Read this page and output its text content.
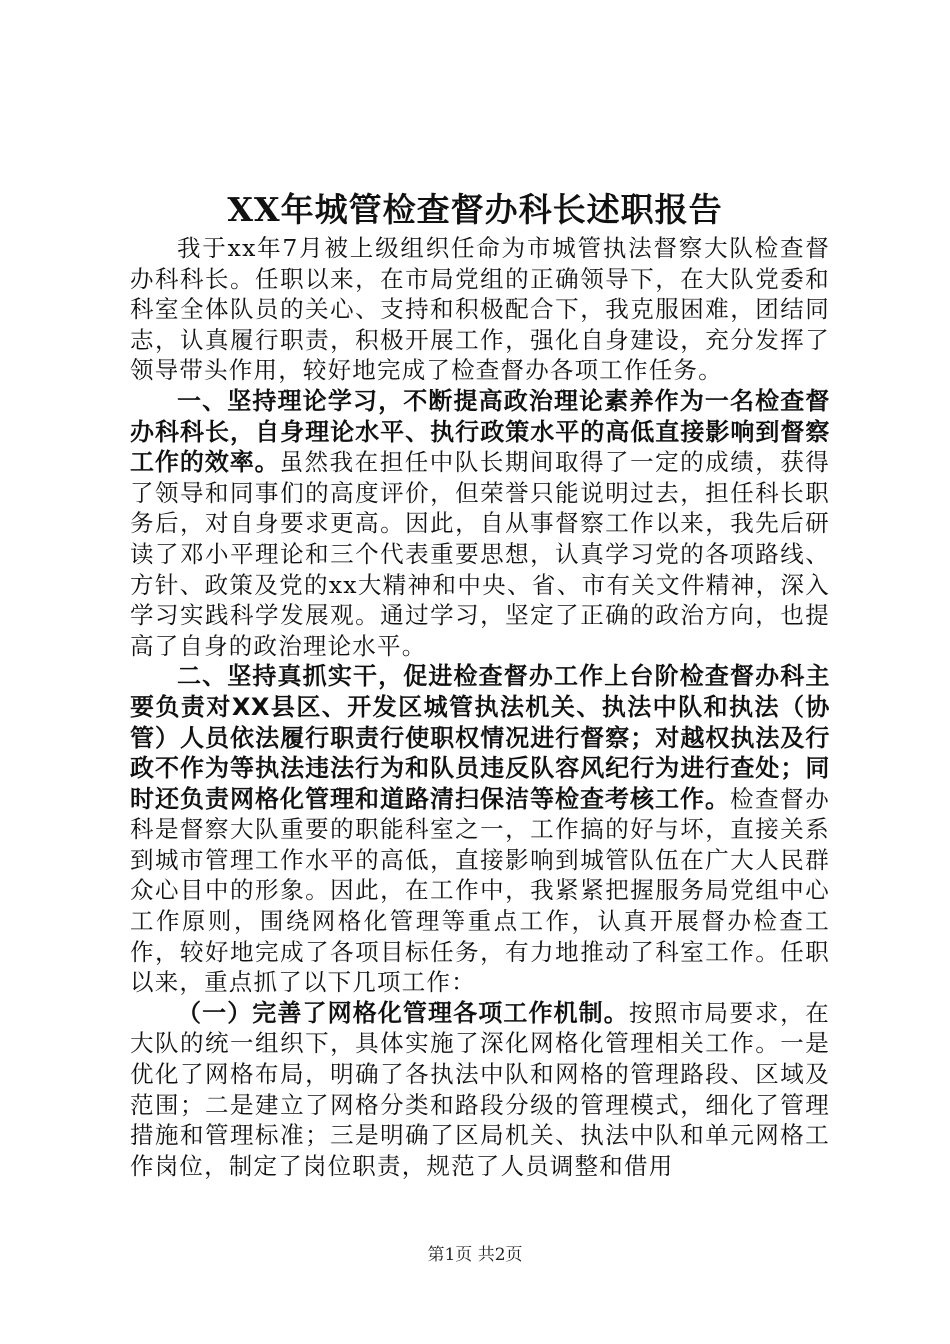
XX年城管检查督办科长述职报告

我于xx年7月被上级组织任命为市城管执法督察大队检查督办科科长。任职以来，在市局党组的正确领导下，在大队党委和科室全体队员的关心、支持和积极配合下，我克服困难，团结同志，认真履行职责，积极开展工作，强化自身建设，充分发挥了领导带头作用，较好地完成了检查督办各项工作任务。

一、坚持理论学习，不断提高政治理论素养作为一名检查督办科科长，自身理论水平、执行政策水平的高低直接影响到督察工作的效率。虽然我在担任中队长期间取得了一定的成绩，获得了领导和同事们的高度评价，但荣誉只能说明过去，担任科长职务后，对自身要求更高。因此，自从事督察工作以来，我先后研读了邓小平理论和三个代表重要思想，认真学习党的各项路线、方针、政策及党的xx大精神和中央、省、市有关文件精神，深入学习实践科学发展观。通过学习，坚定了正确的政治方向，也提高了自身的政治理论水平。

二、坚持真抓实干，促进检查督办工作上台阶检查督办科主要负责对XX县区、开发区城管执法机关、执法中队和执法（协管）人员依法履行职责行使职权情况进行督察；对越权执法及行政不作为等执法违法行为和队员违反队容风纪行为进行查处；同时还负责网格化管理和道路清扫保洁等检查考核工作。检查督办科是督察大队重要的职能科室之一，工作搞的好与坏，直接关系到城市管理工作水平的高低，直接影响到城管队伍在广大人民群众心目中的形象。因此，在工作中，我紧紧把握服务局党组中心工作原则，围绕网格化管理等重点工作，认真开展督办检查工作，较好地完成了各项目标任务，有力地推动了科室工作。任职以来，重点抓了以下几项工作：

（一）完善了网格化管理各项工作机制。按照市局要求，在大队的统一组织下，具体实施了深化网格化管理相关工作。一是优化了网格布局，明确了各执法中队和网格的管理路段、区域及范围；二是建立了网格分类和路段分级的管理模式，细化了管理措施和管理标准；三是明确了区局机关、执法中队和单元网格工作岗位，制定了岗位职责，规范了人员调整和借用

第1页 共2页
